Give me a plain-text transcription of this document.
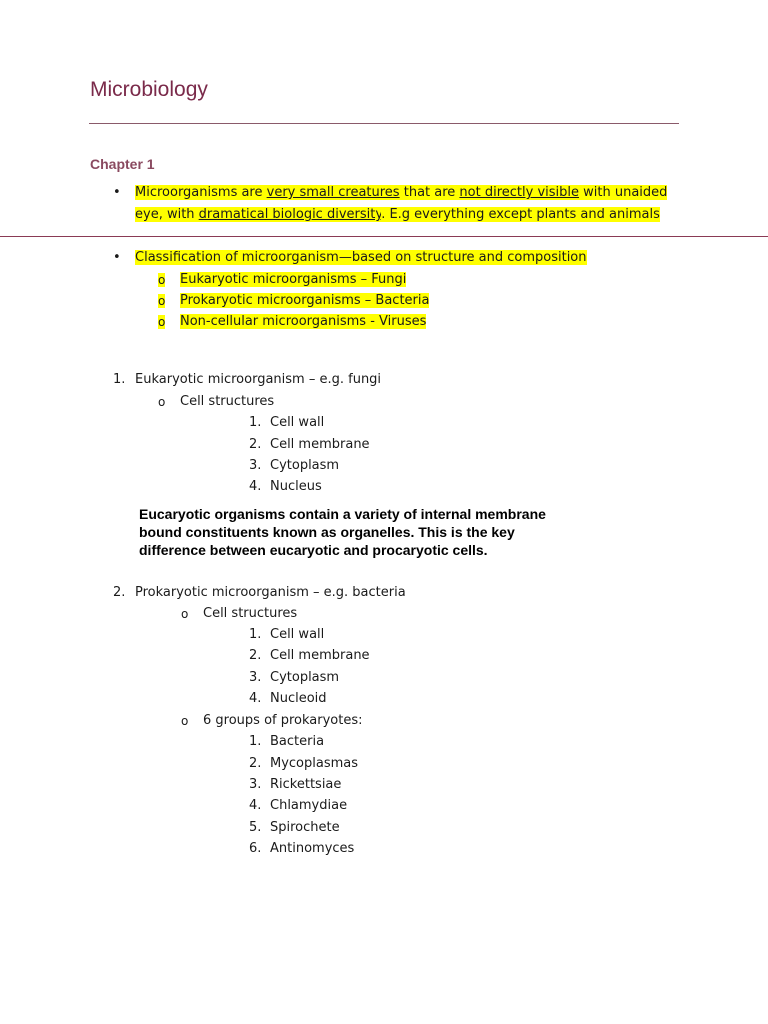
Microbiology
Chapter 1
• Microorganisms are very small creatures that are not directly visible with unaided
eye, with dramatical biologic diversity. E.g everything except plants and animals
• Classification of microorganism—based on structure and composition
o Eukaryotic microorganisms – Fungi
o Prokaryotic microorganisms – Bacteria
o Non-cellular microorganisms - Viruses
1. Eukaryotic microorganism – e.g. fungi
o Cell structures
1. Cell wall
2. Cell membrane
3. Cytoplasm
4. Nucleus
Eucaryotic organisms contain a variety of internal membrane
bound constituents known as organelles. This is the key
difference between eucaryotic and procaryotic cells.
2. Prokaryotic microorganism – e.g. bacteria
o Cell structures
1. Cell wall
2. Cell membrane
3. Cytoplasm
4. Nucleoid
o 6 groups of prokaryotes:
1. Bacteria
2. Mycoplasmas
3. Rickettsiae
4. Chlamydiae
5. Spirochete
6. Antinomyces
